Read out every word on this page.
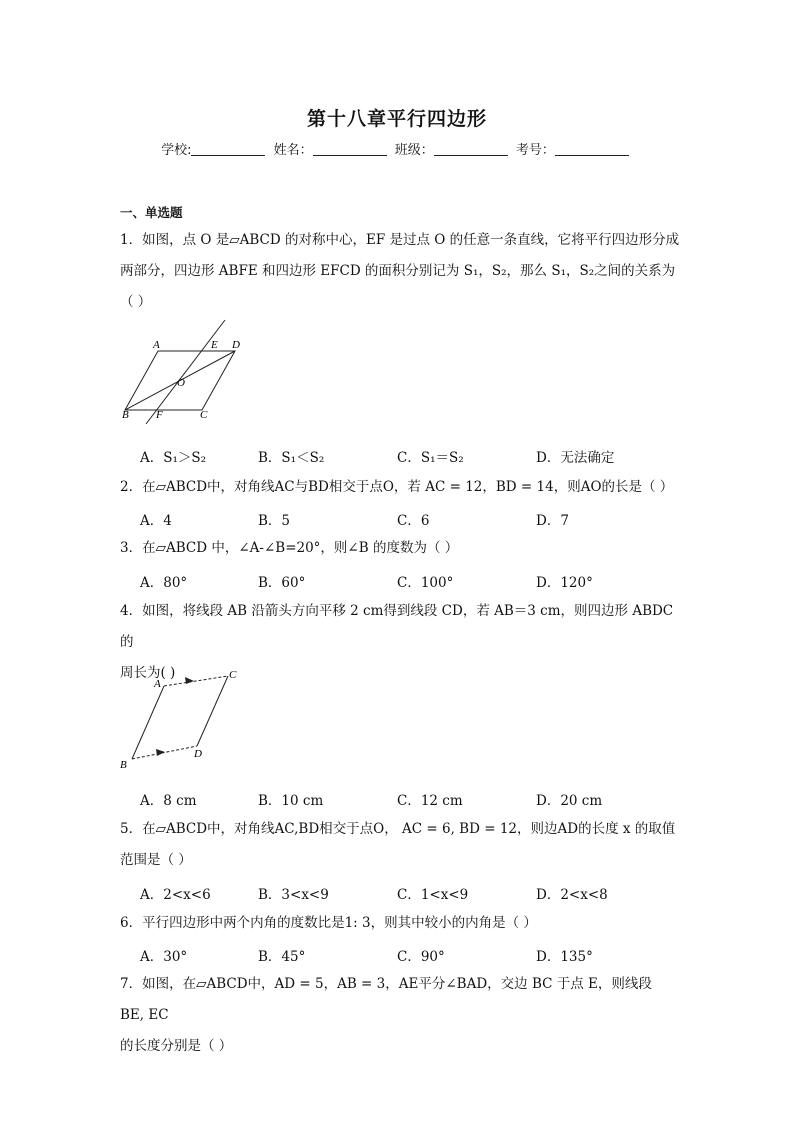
第十八章平行四边形
学校:	姓名：	班级：	考号：
一、单选题
1．如图，点 O 是▱ABCD 的对称中心，EF 是过点 O 的任意一条直线，它将平行四边形分成
两部分，四边形 ABFE 和四边形 EFCD 的面积分别记为 S₁，S₂，那么 S₁，S₂之间的关系为
（ ）
A	E D
O
B F	C
A．S₁＞S₂	B．S₁＜S₂	C．S₁＝S₂	D．无法确定
2．在▱ABCD中，对角线AC与BD相交于点O，若 AC = 12，BD = 14，则AO的长是（ ）
A．4	B．5	C．6	D．7
3．在▱ABCD 中，∠A-∠B=20°，则∠B 的度数为（ ）
A．80°	B．60°	C．100°	D．120°
4．如图，将线段 AB 沿箭头方向平移 2 cm得到线段 CD，若 AB＝3 cm，则四边形 ABDC 的
周长为( )
A
C
B
D
A．8 cm	B．10 cm	C．12 cm	D．20 cm
5．在▱ABCD中，对角线AC,BD相交于点O， AC = 6, BD = 12，则边AD的长度 x 的取值
范围是（ ）
A．2<x<6	B．3<x<9	C．1<x<9	D．2<x<8
6．平行四边形中两个内角的度数比是1: 3，则其中较小的内角是（ ）
A．30°	B．45°	C．90°	D．135°
7．如图，在▱ABCD中，AD = 5，AB = 3，AE平分∠BAD，交边 BC 于点 E，则线段 BE, EC
的长度分别是（ ）
